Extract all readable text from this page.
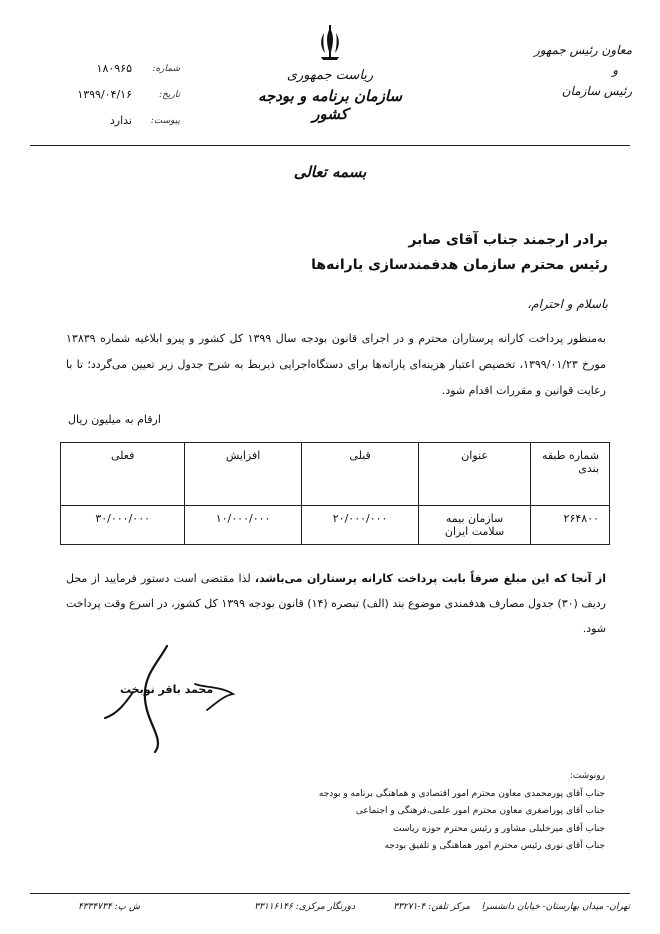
معاون رئیس جمهور
و
رئیس سازمان
ریاست جمهوری
سازمان برنامه و بودجه کشور
شماره:
۱۸۰۹۶۵
تاریخ:
۱۳۹۹/۰۴/۱۶
پیوست:
ندارد
بسمه تعالی
برادر ارجمند جناب آقای صابر
رئیس محترم سازمان هدفمندسازی یارانه‌ها
باسلام و احترام،
به‌منظور پرداخت کارانه پرستاران محترم و در اجرای قانون بودجه سال ۱۳۹۹ کل کشور و پیرو ابلاغیه شماره ۱۳۸۳۹ مورخ ۱۳۹۹/۰۱/۲۳، تخصیص اعتبار هزینه‌ای یارانه‌ها برای دستگاه‌اجرایی ذیربط به شرح جدول زیر تعیین می‌گردد؛ تا با رعایت قوانین و مقررات اقدام شود.
ارقام به میلیون ریال
شماره طبقه بندی	عنوان	قبلی	افزایش	فعلی
۲۶۴۸۰۰	سازمان بیمه سلامت ایران	۲۰/۰۰۰/۰۰۰	۱۰/۰۰۰/۰۰۰	۳۰/۰۰۰/۰۰۰
از آنجا که این مبلغ صرفاً بابت پرداخت کارانه پرستاران می‌باشد، لذا مقتضی است دستور فرمایید از محل ردیف (۳۰) جدول مصارف هدفمندی موضوع بند (الف) تبصره (۱۴) قانون بودجه ۱۳۹۹ کل کشور، در اسرع وقت پرداخت شود.
محمد باقر نوبخت
رونوشت:
جناب آقای پورمحمدی معاون محترم امور اقتصادی و هماهنگی برنامه و بودجه
جناب آقای پوراصغری معاون محترم امور علمی،فرهنگی و اجتماعی
جناب آقای میرخلیلی مشاور و رئیس محترم حوزه ریاست
جناب آقای نوری رئیس محترم امور هماهنگی و تلفیق بودجه
تهران- میدان بهارستان- خیابان دانشسرا
مرکز تلفن: ۴-۳۳۲۷۱
دورنگار مرکزی: ۳۳۱۱۶۱۴۶
ش پ: ۴۳۳۴۷۳۴
